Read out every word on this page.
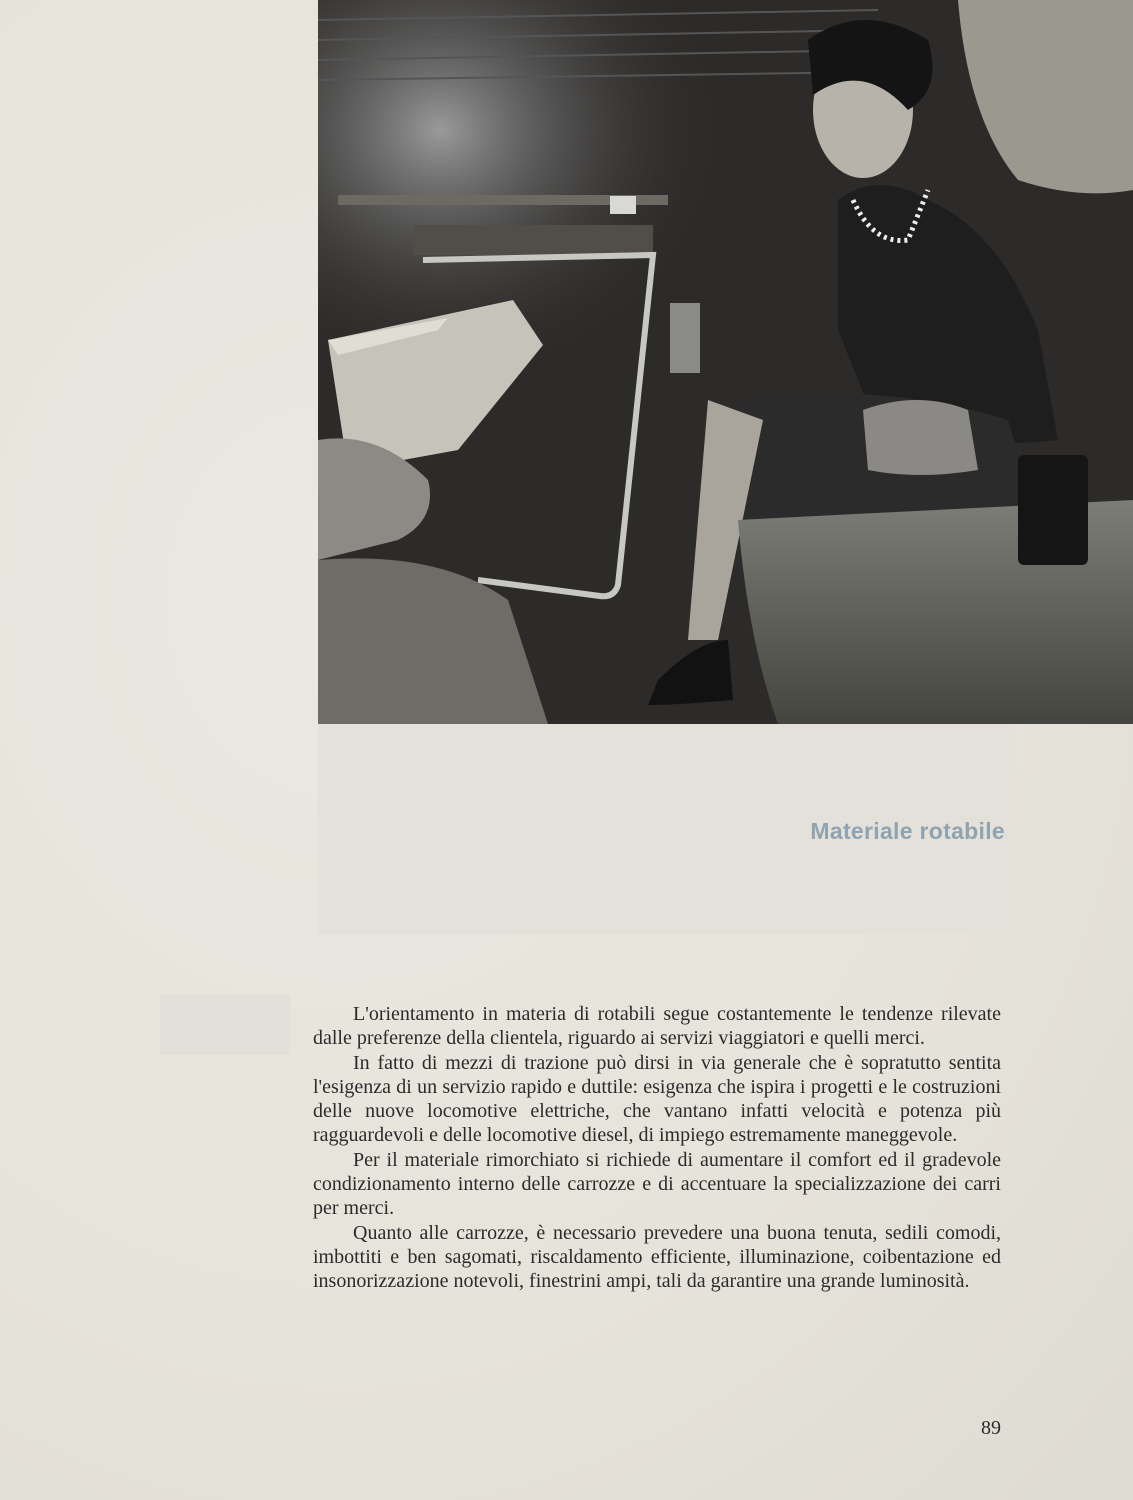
Materiale rotabile

L'orientamento in materia di rotabili segue costantemente le tendenze rilevate dalle preferenze della clientela, riguardo ai servizi viaggiatori e quelli merci.

In fatto di mezzi di trazione può dirsi in via generale che è sopratutto sentita l'esigenza di un servizio rapido e duttile: esigenza che ispira i progetti e le costruzioni delle nuove locomotive elettriche, che vantano infatti velocità e potenza più ragguardevoli e delle locomotive diesel, di impiego estremamente maneggevole.

Per il materiale rimorchiato si richiede di aumentare il comfort ed il gradevole condizionamento interno delle carrozze e di accentuare la specializzazione dei carri per merci.

Quanto alle carrozze, è necessario prevedere una buona tenuta, sedili comodi, imbottiti e ben sagomati, riscaldamento efficiente, illuminazione, coibentazione ed insonorizzazione notevoli, finestrini ampi, tali da garantire una grande luminosità.

89
